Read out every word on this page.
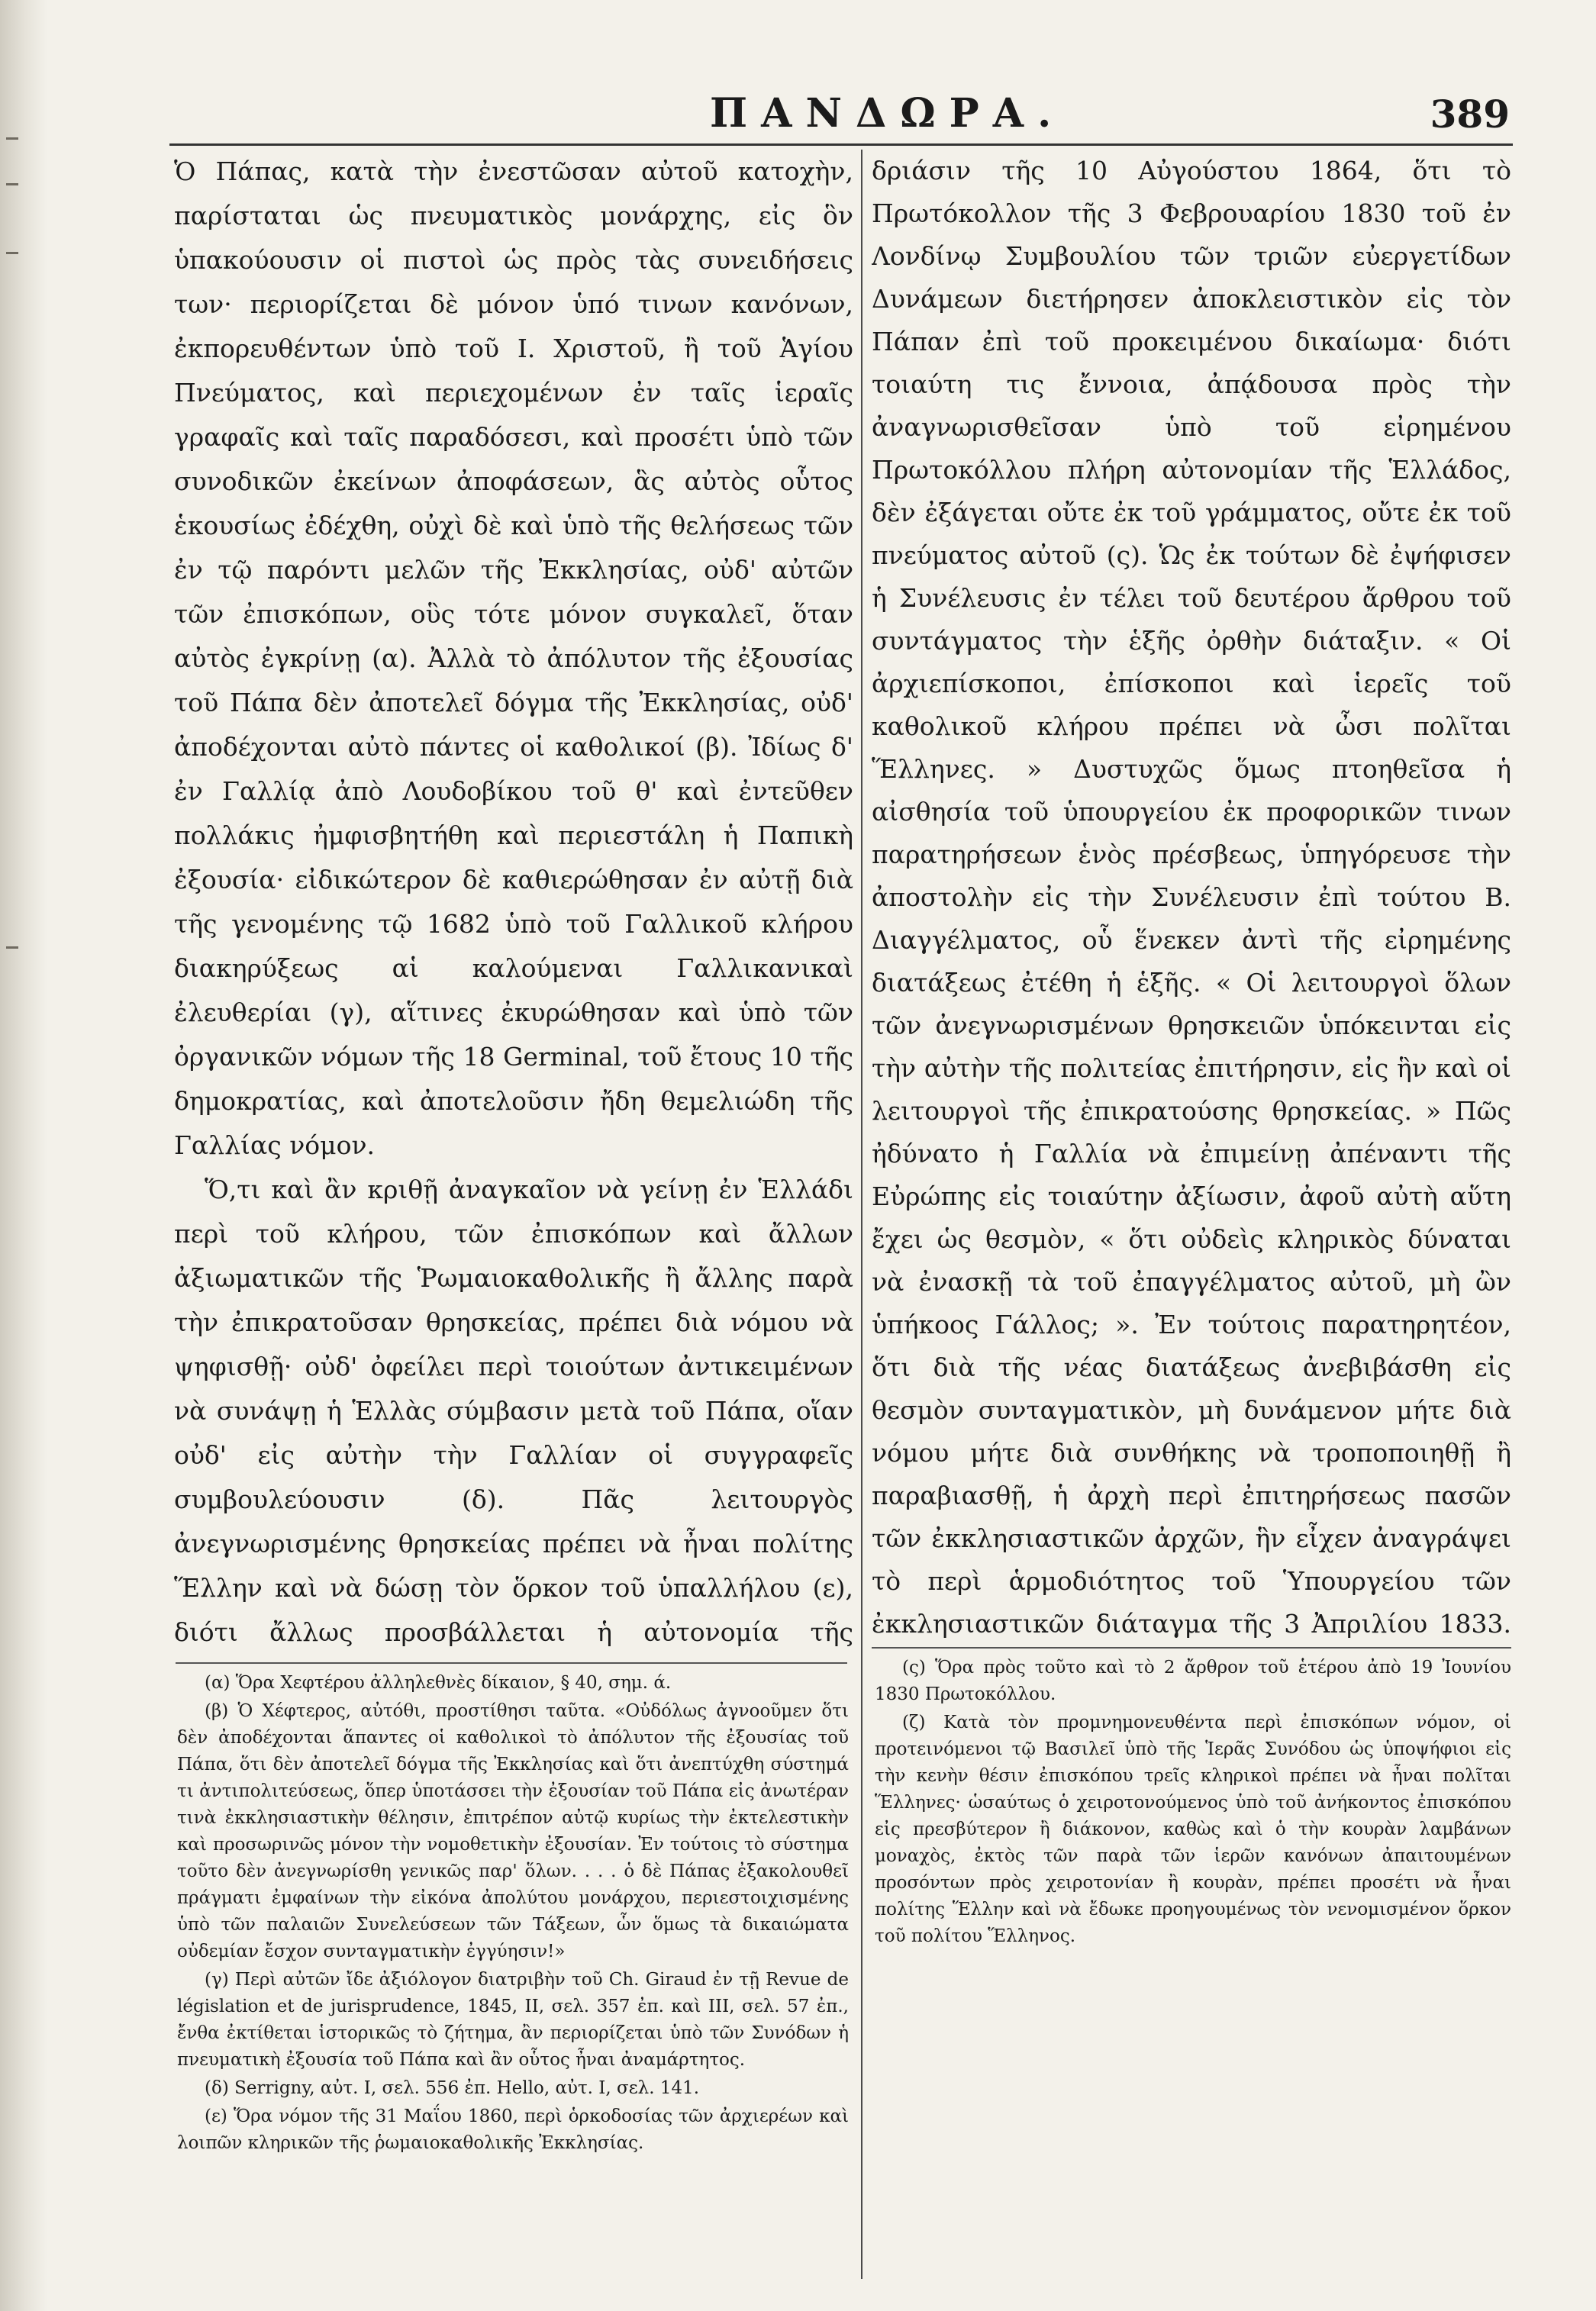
ΠΑΝΔΩΡΑ.	389

Ὁ Πάπας, κατὰ τὴν ἐνεστῶσαν αὐτοῦ κατοχὴν, παρίσταται ὡς πνευματικὸς μονάρχης, εἰς ὃν ὑπακούουσιν οἱ πιστοὶ ὡς πρὸς τὰς συνειδήσεις των· περιορίζεται δὲ μόνον ὑπό τινων κανόνων, ἐκπορευθέντων ὑπὸ τοῦ Ι. Χριστοῦ, ἢ τοῦ Ἁγίου Πνεύματος, καὶ περιεχομένων ἐν ταῖς ἱεραῖς γραφαῖς καὶ ταῖς παραδόσεσι, καὶ προσέτι ὑπὸ τῶν συνοδικῶν ἐκείνων ἀποφάσεων, ἃς αὐτὸς οὗτος ἑκουσίως ἐδέχθη, οὐχὶ δὲ καὶ ὑπὸ τῆς θελήσεως τῶν ἐν τῷ παρόντι μελῶν τῆς Ἐκκλησίας, οὐδ' αὐτῶν τῶν ἐπισκόπων, οὓς τότε μόνον συγκαλεῖ, ὅταν αὐτὸς ἐγκρίνῃ (α). Ἀλλὰ τὸ ἀπόλυτον τῆς ἐξουσίας τοῦ Πάπα δὲν ἀποτελεῖ δόγμα τῆς Ἐκκλησίας, οὐδ' ἀποδέχονται αὐτὸ πάντες οἱ καθολικοί (β). Ἰδίως δ' ἐν Γαλλίᾳ ἀπὸ Λουδοβίκου τοῦ θ' καὶ ἐντεῦθεν πολλάκις ἠμφισβητήθη καὶ περιεστάλη ἡ Παπικὴ ἐξουσία· εἰδικώτερον δὲ καθιερώθησαν ἐν αὐτῇ διὰ τῆς γενομένης τῷ 1682 ὑπὸ τοῦ Γαλλικοῦ κλήρου διακηρύξεως αἱ καλούμεναι Γαλλικανικαὶ ἐλευθερίαι (γ), αἵτινες ἐκυρώθησαν καὶ ὑπὸ τῶν ὀργανικῶν νόμων τῆς 18 Germinal, τοῦ ἔτους 10 τῆς δημοκρατίας, καὶ ἀποτελοῦσιν ἤδη θεμελιώδη τῆς Γαλλίας νόμον.

Ὅ,τι καὶ ἂν κριθῇ ἀναγκαῖον νὰ γείνῃ ἐν Ἑλλάδι περὶ τοῦ κλήρου, τῶν ἐπισκόπων καὶ ἄλλων ἀξιωματικῶν τῆς Ῥωμαιοκαθολικῆς ἢ ἄλλης παρὰ τὴν ἐπικρατοῦσαν θρησκείας, πρέπει διὰ νόμου νὰ ψηφισθῇ· οὐδ' ὀφείλει περὶ τοιούτων ἀντικειμένων νὰ συνάψῃ ἡ Ἑλλὰς σύμβασιν μετὰ τοῦ Πάπα, οἵαν οὐδ' εἰς αὐτὴν τὴν Γαλλίαν οἱ συγγραφεῖς συμβουλεύουσιν (δ). Πᾶς λειτουργὸς ἀνεγνωρισμένης θρησκείας πρέπει νὰ ἦναι πολίτης Ἕλλην καὶ νὰ δώσῃ τὸν ὅρκον τοῦ ὑπαλλήλου (ε), διότι ἄλλως προσβάλλεται ἡ αὐτονομία τῆς

δριάσιν τῆς 10 Αὐγούστου 1864, ὅτι τὸ Πρωτόκολλον τῆς 3 Φεβρουαρίου 1830 τοῦ ἐν Λονδίνῳ Συμβουλίου τῶν τριῶν εὐεργετίδων Δυνάμεων διετήρησεν ἀποκλειστικὸν εἰς τὸν Πάπαν ἐπὶ τοῦ προκειμένου δικαίωμα· διότι τοιαύτη τις ἔννοια, ἀπᾴδουσα πρὸς τὴν ἀναγνωρισθεῖσαν ὑπὸ τοῦ εἰρημένου Πρωτοκόλλου πλήρη αὐτονομίαν τῆς Ἑλλάδος, δὲν ἐξάγεται οὔτε ἐκ τοῦ γράμματος, οὔτε ἐκ τοῦ πνεύματος αὐτοῦ (ς). Ὡς ἐκ τούτων δὲ ἐψήφισεν ἡ Συνέλευσις ἐν τέλει τοῦ δευτέρου ἄρθρου τοῦ συντάγματος τὴν ἑξῆς ὀρθὴν διάταξιν. « Οἱ ἀρχιεπίσκοποι, ἐπίσκοποι καὶ ἱερεῖς τοῦ καθολικοῦ κλήρου πρέπει νὰ ὦσι πολῖται Ἕλληνες. » Δυστυχῶς ὅμως πτοηθεῖσα ἡ αἰσθησία τοῦ ὑπουργείου ἐκ προφορικῶν τινων παρατηρήσεων ἑνὸς πρέσβεως, ὑπηγόρευσε τὴν ἀποστολὴν εἰς τὴν Συνέλευσιν ἐπὶ τούτου Β. Διαγγέλματος, οὗ ἕνεκεν ἀντὶ τῆς εἰρημένης διατάξεως ἐτέθη ἡ ἑξῆς. « Οἱ λειτουργοὶ ὅλων τῶν ἀνεγνωρισμένων θρησκειῶν ὑπόκεινται εἰς τὴν αὐτὴν τῆς πολιτείας ἐπιτήρησιν, εἰς ἣν καὶ οἱ λειτουργοὶ τῆς ἐπικρατούσης θρησκείας. » Πῶς ἠδύνατο ἡ Γαλλία νὰ ἐπιμείνῃ ἀπέναντι τῆς Εὐρώπης εἰς τοιαύτην ἀξίωσιν, ἀφοῦ αὐτὴ αὕτη ἔχει ὡς θεσμὸν, « ὅτι οὐδεὶς κληρικὸς δύναται νὰ ἐνασκῇ τὰ τοῦ ἐπαγγέλματος αὐτοῦ, μὴ ὢν ὑπήκοος Γάλλος; ». Ἐν τούτοις παρατηρητέον, ὅτι διὰ τῆς νέας διατάξεως ἀνεβιβάσθη εἰς θεσμὸν συνταγματικὸν, μὴ δυνάμενον μήτε διὰ νόμου μήτε διὰ συνθήκης νὰ τροποποιηθῇ ἢ παραβιασθῇ, ἡ ἀρχὴ περὶ ἐπιτηρήσεως πασῶν τῶν ἐκκλησιαστικῶν ἀρχῶν, ἣν εἶχεν ἀναγράψει τὸ περὶ ἁρμοδιότητος τοῦ Ὑπουργείου τῶν ἐκκλησιαστικῶν διάταγμα τῆς 3 Ἀπριλίου 1833.

(α) Ὅρα Χεφτέρου ἀλληλεθνὲς δίκαιον, § 40, σημ. ά.

(β) Ὁ Χέφτερος, αὐτόθι, προστίθησι ταῦτα. «Οὐδόλως ἀγνοοῦμεν ὅτι δὲν ἀποδέχονται ἅπαντες οἱ καθολικοὶ τὸ ἀπόλυτον τῆς ἐξουσίας τοῦ Πάπα, ὅτι δὲν ἀποτελεῖ δόγμα τῆς Ἐκκλησίας καὶ ὅτι ἀνεπτύχθη σύστημά τι ἀντιπολιτεύσεως, ὅπερ ὑποτάσσει τὴν ἐξουσίαν τοῦ Πάπα εἰς ἀνωτέραν τινὰ ἐκκλησιαστικὴν θέλησιν, ἐπιτρέπον αὐτῷ κυρίως τὴν ἐκτελεστικὴν καὶ προσωρινῶς μόνον τὴν νομοθετικὴν ἐξουσίαν. Ἐν τούτοις τὸ σύστημα τοῦτο δὲν ἀνεγνωρίσθη γενικῶς παρ' ὅλων. . . . ὁ δὲ Πάπας ἐξακολουθεῖ πράγματι ἐμφαίνων τὴν εἰκόνα ἀπολύτου μονάρχου, περιεστοιχισμένης ὑπὸ τῶν παλαιῶν Συνελεύσεων τῶν Τάξεων, ὧν ὅμως τὰ δικαιώματα οὐδεμίαν ἔσχον συνταγματικὴν ἐγγύησιν!»

(γ) Περὶ αὐτῶν ἴδε ἀξιόλογον διατριβὴν τοῦ Ch. Giraud ἐν τῇ Revue de législation et de jurisprudence, 1845, II, σελ. 357 ἐπ. καὶ III, σελ. 57 ἐπ., ἔνθα ἐκτίθεται ἱστορικῶς τὸ ζήτημα, ἂν περιορίζεται ὑπὸ τῶν Συνόδων ἡ πνευματικὴ ἐξουσία τοῦ Πάπα καὶ ἂν οὗτος ἦναι ἀναμάρτητος.

(δ) Serrigny, αὐτ. I, σελ. 556 ἐπ. Hello, αὐτ. I, σελ. 141.

(ε) Ὅρα νόμον τῆς 31 Μαΐου 1860, περὶ ὁρκοδοσίας τῶν ἀρχιερέων καὶ λοιπῶν κληρικῶν τῆς ῥωμαιοκαθολικῆς Ἐκκλησίας.

(ς) Ὅρα πρὸς τοῦτο καὶ τὸ 2 ἄρθρον τοῦ ἑτέρου ἀπὸ 19 Ἰουνίου 1830 Πρωτοκόλλου.

(ζ) Κατὰ τὸν προμνημονευθέντα περὶ ἐπισκόπων νόμον, οἱ προτεινόμενοι τῷ Βασιλεῖ ὑπὸ τῆς Ἱερᾶς Συνόδου ὡς ὑποψήφιοι εἰς τὴν κενὴν θέσιν ἐπισκόπου τρεῖς κληρικοὶ πρέπει νὰ ἦναι πολῖται Ἕλληνες· ὡσαύτως ὁ χειροτονούμενος ὑπὸ τοῦ ἀνήκοντος ἐπισκόπου εἰς πρεσβύτερον ἢ διάκονον, καθὼς καὶ ὁ τὴν κουρὰν λαμβάνων μοναχὸς, ἐκτὸς τῶν παρὰ τῶν ἱερῶν κανόνων ἀπαιτουμένων προσόντων πρὸς χειροτονίαν ἢ κουρὰν, πρέπει προσέτι νὰ ἦναι πολίτης Ἕλλην καὶ νὰ ἔδωκε προηγουμένως τὸν νενομισμένον ὅρκον τοῦ πολίτου Ἕλληνος.
